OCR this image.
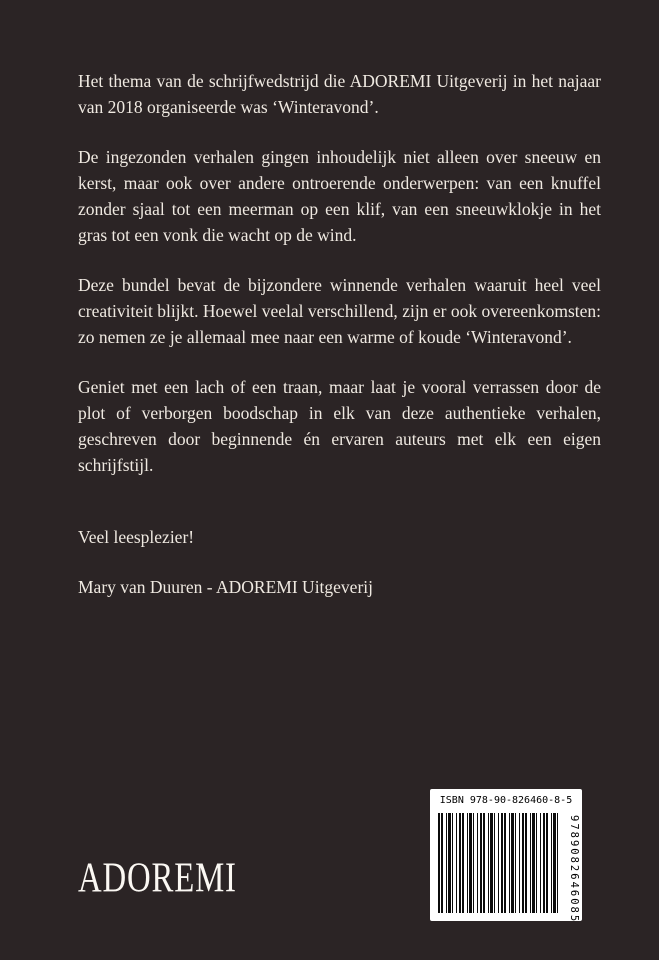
Het thema van de schrijfwedstrijd die ADOREMI Uitgeverij in het najaar van 2018 organiseerde was ‘Winteravond’.

De ingezonden verhalen gingen inhoudelijk niet alleen over sneeuw en kerst, maar ook over andere ontroerende onderwerpen: van een knuffel zonder sjaal tot een meerman op een klif, van een sneeuwklokje in het gras tot een vonk die wacht op de wind.

Deze bundel bevat de bijzondere winnende verhalen waaruit heel veel creativiteit blijkt. Hoewel veelal verschillend, zijn er ook overeenkomsten: zo nemen ze je allemaal mee naar een warme of koude ‘Winteravond’.

Geniet met een lach of een traan, maar laat je vooral verrassen door de plot of verborgen boodschap in elk van deze authentieke verhalen, geschreven door beginnende én ervaren auteurs met elk een eigen schrijfstijl.

Veel leesplezier!

Mary van Duuren - ADOREMI Uitgeverij

ADOREMI
ISBN 978-90-826460-8-5
9789082646085
